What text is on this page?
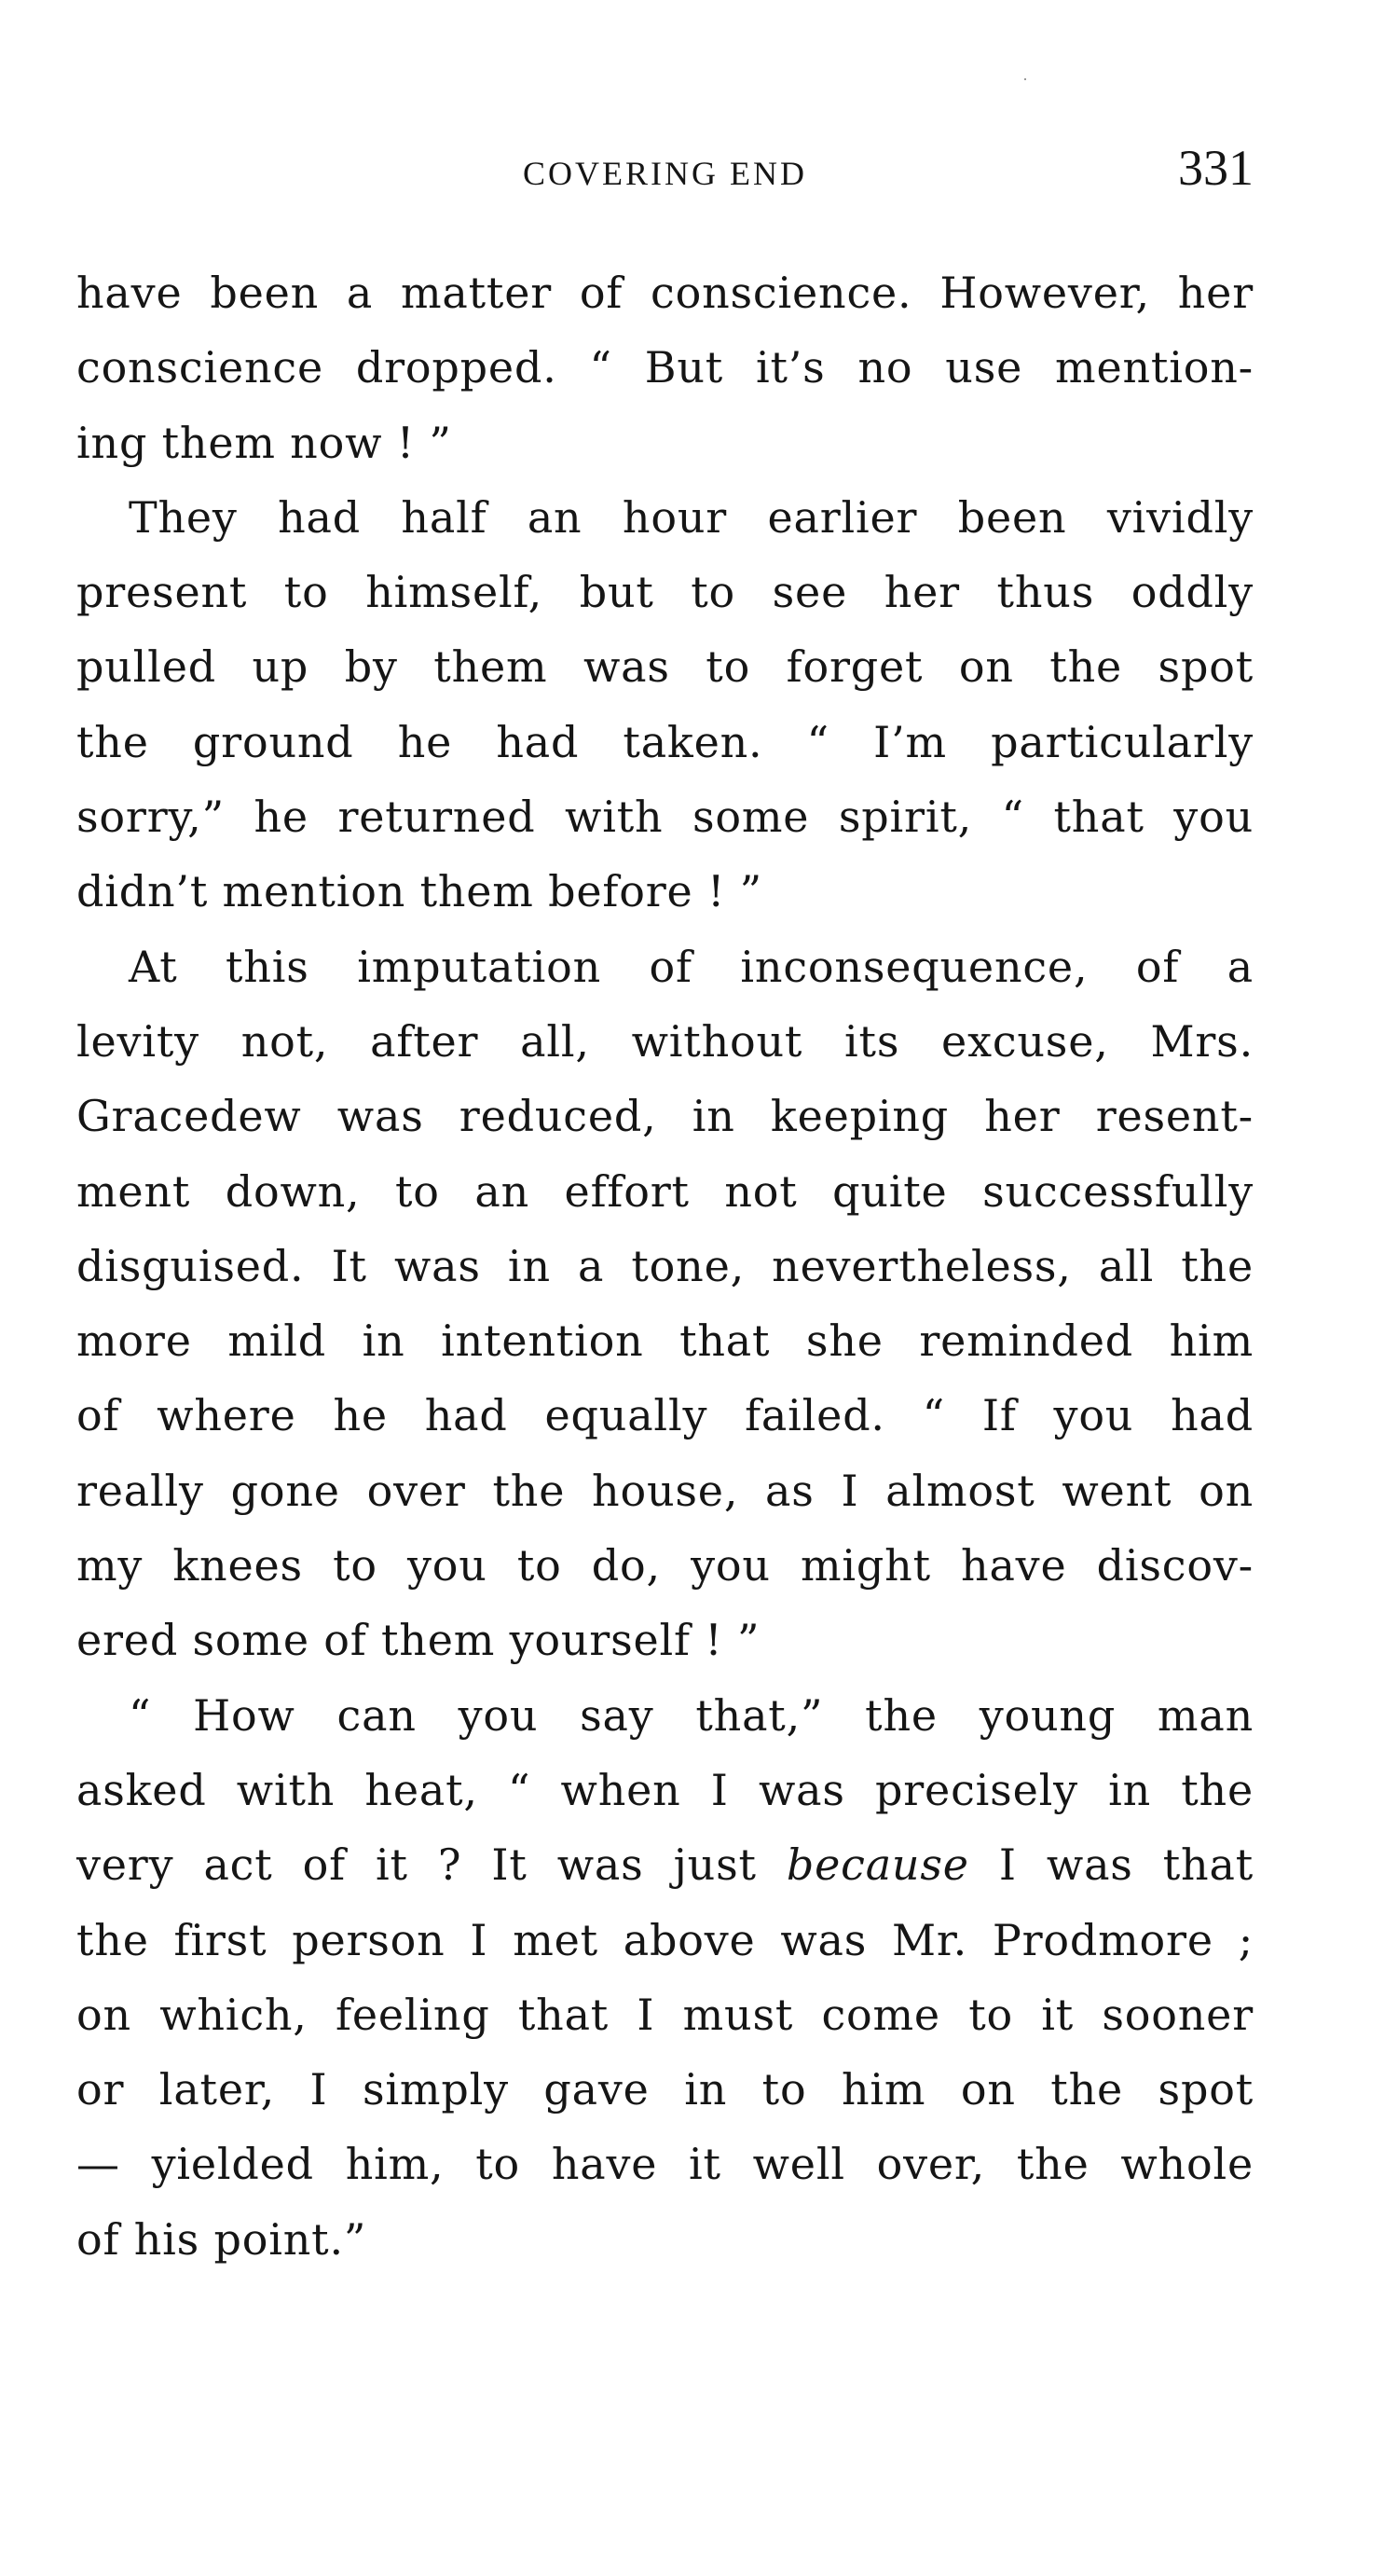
COVERING END	331
have been a matter of conscience. However, her
conscience dropped. “ But it’s no use mention-
ing them now ! ”
They had half an hour earlier been vividly
present to himself, but to see her thus oddly
pulled up by them was to forget on the spot
the ground he had taken. “ I’m particularly
sorry,” he returned with some spirit, “ that you
didn’t mention them before ! ”
At this imputation of inconsequence, of a
levity not, after all, without its excuse, Mrs.
Gracedew was reduced, in keeping her resent-
ment down, to an effort not quite successfully
disguised. It was in a tone, nevertheless, all the
more mild in intention that she reminded him
of where he had equally failed. “ If you had
really gone over the house, as I almost went on
my knees to you to do, you might have discov-
ered some of them yourself ! ”
“ How can you say that,” the young man
asked with heat, “ when I was precisely in the
very act of it ? It was just because I was that
the first person I met above was Mr. Prodmore ;
on which, feeling that I must come to it sooner
or later, I simply gave in to him on the spot
— yielded him, to have it well over, the whole
of his point.”
